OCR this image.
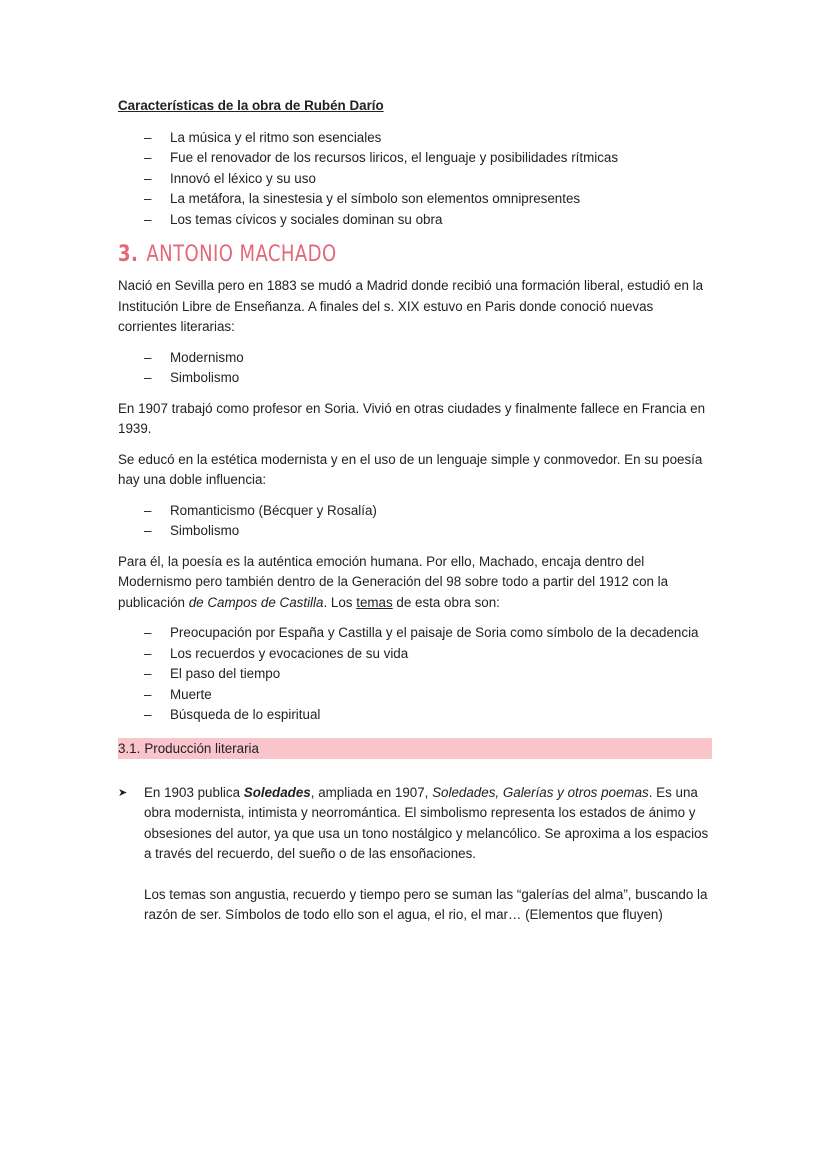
Características de la obra de Rubén Darío
– La música y el ritmo son esenciales
– Fue el renovador de los recursos liricos, el lenguaje y posibilidades rítmicas
– Innovó el léxico y su uso
– La metáfora, la sinestesia y el símbolo son elementos omnipresentes
– Los temas cívicos y sociales dominan su obra
3. ANTONIO MACHADO

Nació en Sevilla pero en 1883 se mudó a Madrid donde recibió una formación liberal, estudió en la Institución Libre de Enseñanza. A finales del s. XIX estuvo en Paris donde conoció nuevas corrientes literarias:

– Modernismo
– Simbolismo

En 1907 trabajó como profesor en Soria. Vivió en otras ciudades y finalmente fallece en Francia en 1939.

Se educó en la estética modernista y en el uso de un lenguaje simple y conmovedor. En su poesía hay una doble influencia:

– Romanticismo (Bécquer y Rosalía)
– Simbolismo

Para él, la poesía es la auténtica emoción humana. Por ello, Machado, encaja dentro del Modernismo pero también dentro de la Generación del 98 sobre todo a partir del 1912 con la publicación de Campos de Castilla. Los temas de esta obra son:

– Preocupación por España y Castilla y el paisaje de Soria como símbolo de la decadencia
– Los recuerdos y evocaciones de su vida
– El paso del tiempo
– Muerte
– Búsqueda de lo espiritual
3.1. Producción literaria
➤ En 1903 publica Soledades, ampliada en 1907, Soledades, Galerías y otros poemas. Es una obra modernista, intimista y neorromántica. El simbolismo representa los estados de ánimo y obsesiones del autor, ya que usa un tono nostálgico y melancólico. Se aproxima a los espacios a través del recuerdo, del sueño o de las ensoñaciones.

Los temas son angustia, recuerdo y tiempo pero se suman las “galerías del alma”, buscando la razón de ser. Símbolos de todo ello son el agua, el rio, el mar… (Elementos que fluyen)
